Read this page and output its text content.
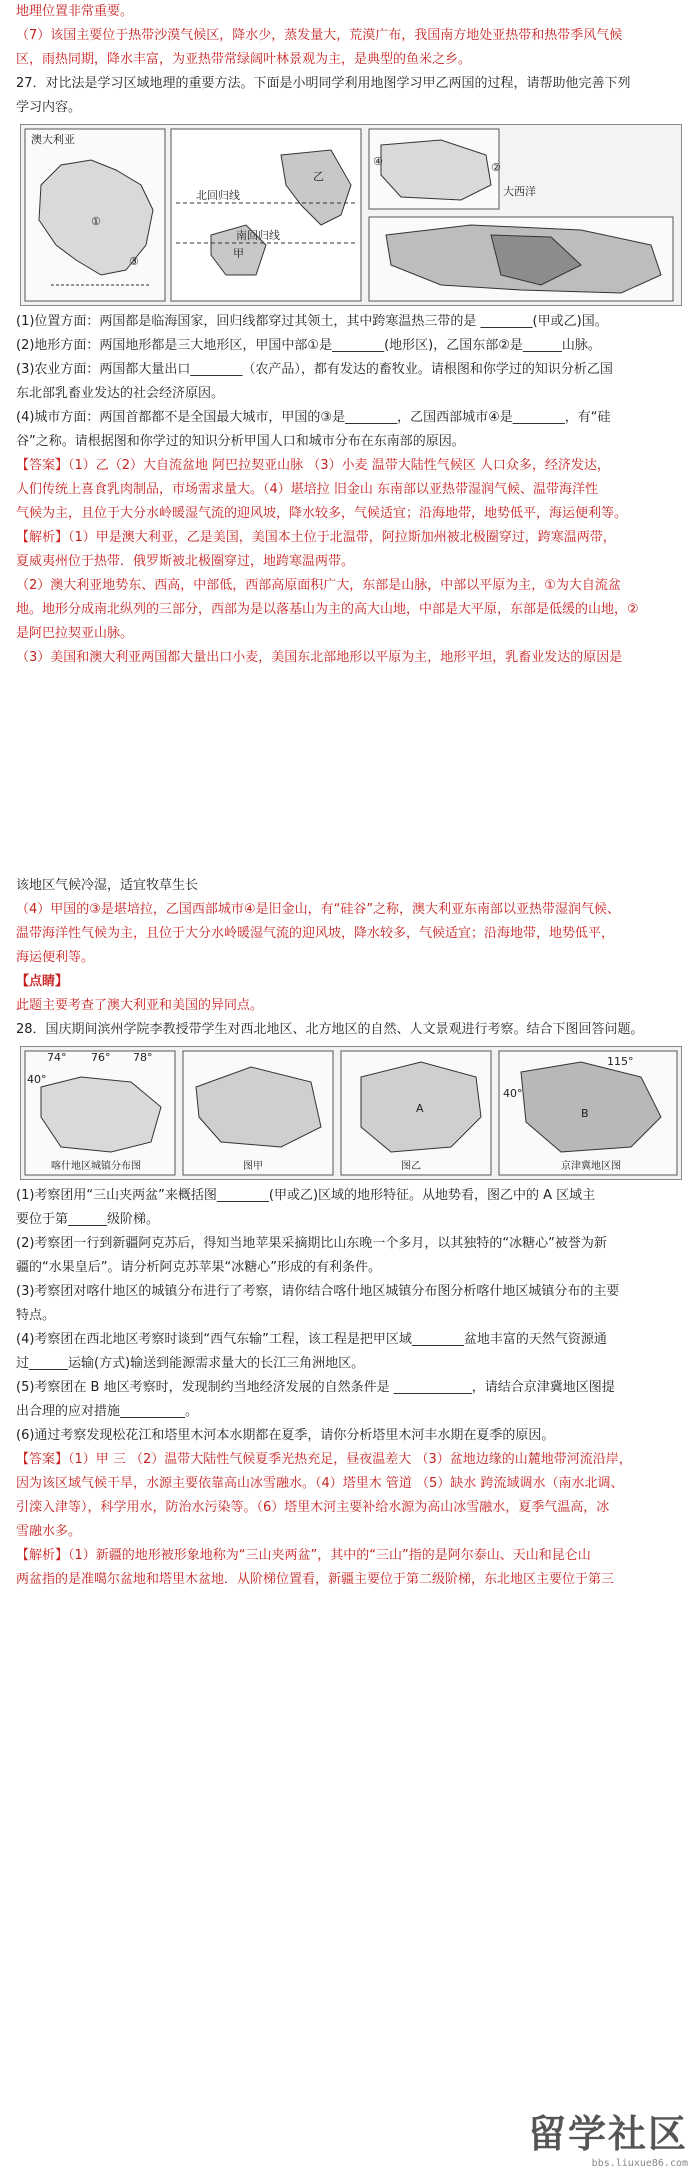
地理位置非常重要。
（7）该国主要位于热带沙漠气候区，降水少，蒸发量大，荒漠广布，我国南方地处亚热带和热带季风气候
区，雨热同期，降水丰富，为亚热带常绿阔叶林景观为主，是典型的鱼米之乡。
27．对比法是学习区域地理的重要方法。下面是小明同学利用地图学习甲乙两国的过程，请帮助他完善下列
学习内容。
澳大利亚
①
③
北回归线
南回归线
乙
甲
④	②
大西洋
(1)位置方面：两国都是临海国家，回归线都穿过其领土，其中跨寒温热三带的是 ________(甲或乙)国。
(2)地形方面：两国地形都是三大地形区，甲国中部①是________(地形区)，乙国东部②是______山脉。
(3)农业方面：两国都大量出口________（农产品），都有发达的畜牧业。请根图和你学过的知识分析乙国
东北部乳畜业发达的社会经济原因。
(4)城市方面：两国首都都不是全国最大城市，甲国的③是________，乙国西部城市④是________，有“硅
谷”之称。请根据图和你学过的知识分析甲国人口和城市分布在东南部的原因。
【答案】（1）乙（2）大自流盆地 阿巴拉契亚山脉 （3）小麦 温带大陆性气候区 人口众多，经济发达，
人们传统上喜食乳肉制品，市场需求量大。（4）堪培拉 旧金山 东南部以亚热带湿润气候、温带海洋性
气候为主，且位于大分水岭暖湿气流的迎风坡，降水较多，气候适宜；沿海地带，地势低平，海运便利等。
【解析】（1）甲是澳大利亚，乙是美国，美国本土位于北温带，阿拉斯加州被北极圈穿过，跨寒温两带，
夏威夷州位于热带．俄罗斯被北极圈穿过，地跨寒温两带。
（2）澳大利亚地势东、西高，中部低，西部高原面积广大，东部是山脉，中部以平原为主，①为大自流盆
地。地形分成南北纵列的三部分，西部为是以落基山为主的高大山地，中部是大平原，东部是低缓的山地，②
是阿巴拉契亚山脉。
（3）美国和澳大利亚两国都大量出口小麦，美国东北部地形以平原为主，地形平坦，乳畜业发达的原因是
该地区气候冷湿，适宜牧草生长
（4）甲国的③是堪培拉，乙国西部城市④是旧金山，有“硅谷”之称，澳大利亚东南部以亚热带湿润气候、
温带海洋性气候为主，且位于大分水岭暖湿气流的迎风坡，降水较多，气候适宜；沿海地带，地势低平，
海运便利等。
【点睛】
此题主要考查了澳大利亚和美国的异同点。
28．国庆期间滨州学院李教授带学生对西北地区、北方地区的自然、人文景观进行考察。结合下图回答问题。
74° 76° 78°
40°
喀什地区城镇分布图	图甲
A
图乙
115°
40°
B
京津冀地区图
(1)考察团用“三山夹两盆”来概括图________(甲或乙)区域的地形特征。从地势看，图乙中的 A 区域主
要位于第______级阶梯。
(2)考察团一行到新疆阿克苏后，得知当地苹果采摘期比山东晚一个多月，以其独特的“冰糖心”被誉为新
疆的“水果皇后”。请分析阿克苏苹果“冰糖心”形成的有利条件。
(3)考察团对喀什地区的城镇分布进行了考察，请你结合喀什地区城镇分布图分析喀什地区城镇分布的主要
特点。
(4)考察团在西北地区考察时谈到“西气东输”工程，该工程是把甲区域________盆地丰富的天然气资源通
过______运输(方式)输送到能源需求量大的长江三角洲地区。
(5)考察团在 B 地区考察时，发现制约当地经济发展的自然条件是 ____________，请结合京津冀地区图提
出合理的应对措施__________。
(6)通过考察发现松花江和塔里木河本水期都在夏季，请你分析塔里木河丰水期在夏季的原因。
【答案】（1）甲 三 （2）温带大陆性气候夏季光热充足，昼夜温差大 （3）盆地边缘的山麓地带河流沿岸，
因为该区域气候干旱，水源主要依靠高山冰雪融水。（4）塔里木 管道 （5）缺水 跨流域调水（南水北调、
引滦入津等），科学用水，防治水污染等。（6）塔里木河主要补给水源为高山冰雪融水，夏季气温高，冰
雪融水多。
【解析】（1）新疆的地形被形象地称为“三山夹两盆”，其中的“三山”指的是阿尔泰山、天山和昆仑山
两盆指的是准噶尔盆地和塔里木盆地．从阶梯位置看，新疆主要位于第二级阶梯，东北地区主要位于第三
留学社区
bbs.liuxue86.com
